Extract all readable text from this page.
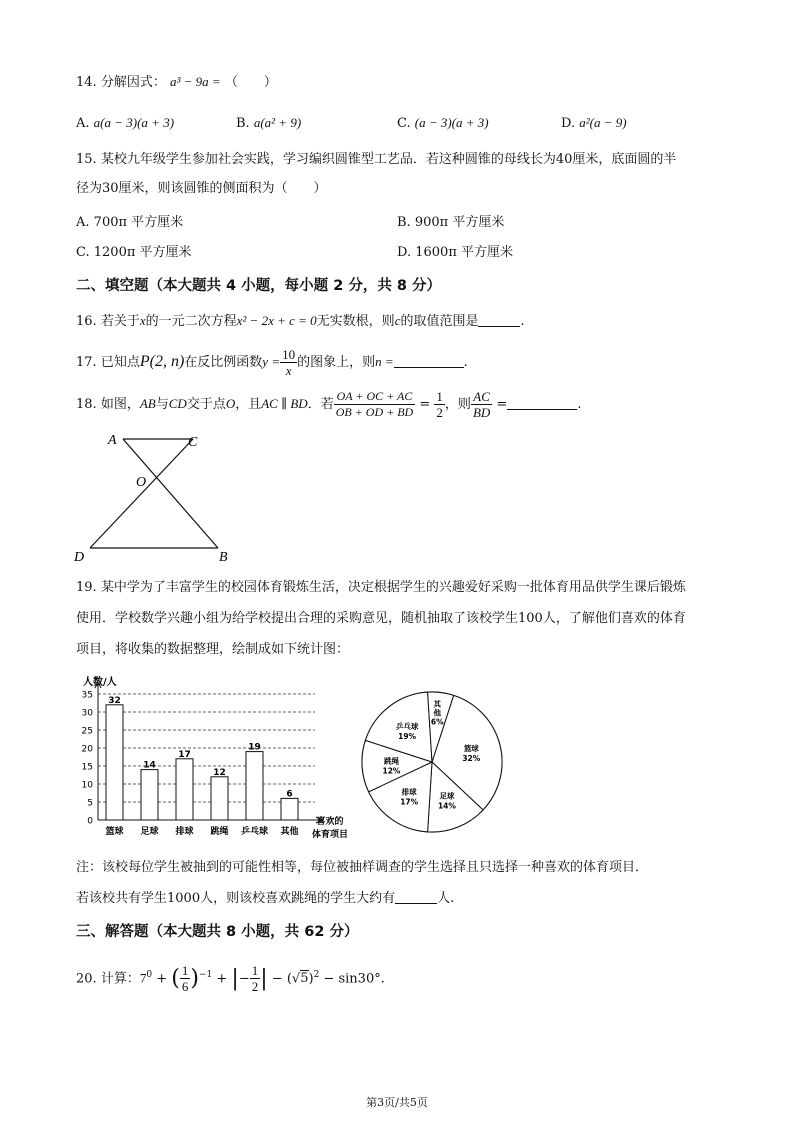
14. 分解因式： a³ − 9a = （　　）
A. a(a − 3)(a + 3)	B. a(a² + 9)	C. (a − 3)(a + 3)	D. a²(a − 9)
15. 某校九年级学生参加社会实践，学习编织圆锥型工艺品．若这种圆锥的母线长为40厘米，底面圆的半
径为30厘米，则该圆锥的侧面积为（　　）
A. 700π 平方厘米	B. 900π 平方厘米
C. 1200π 平方厘米	D. 1600π 平方厘米
二、填空题（本大题共 4 小题，每小题 2 分，共 8 分）
16. 若关于x的一元二次方程x² − 2x + c = 0无实数根，则c的取值范围是	.
17. 已知点P(2, n)在反比例函数$y = \frac{10}{x}$ 的图象上，则n =	.
18. 如图，AB与CD交于点O，且AC ∥ BD．若 $\frac{OA + OC + AC}{OB + OD + BD} = \frac{1}{2}$ ，则 $\frac{AC}{BD}$ =	.
A	C
O
D	B
19. 某中学为了丰富学生的校园体育锻炼生活，决定根据学生的兴趣爱好采购一批体育用品供学生课后锻炼
使用．学校数学兴趣小组为给学校提出合理的采购意见，随机抽取了该校学生100人，了解他们喜欢的体育
项目，将收集的数据整理，绘制成如下统计图：
人数/人
喜欢的
体育项目
0
5
10
15
20
25
30
35
32
篮球
14
足球
17
排球
12
跳绳
19
乒乓球
6
其他
篮球
32%
足球
14%
排球
17%
跳绳
12%
乒乓球
19%
其
他
6%
注：该校每位学生被抽到的可能性相等，每位被抽样调查的学生选择且只选择一种喜欢的体育项目．
若该校共有学生1000人，则该校喜欢跳绳的学生大约有	人.
三、解答题（本大题共 8 小题，共 62 分）
20. 计算：$7^0$ + ( $\frac{1}{6} )^{-1}$ + |− $\frac{1}{2}$ | − $(√5)^2 - \sin 30^\circ$.
第3页/共5页
